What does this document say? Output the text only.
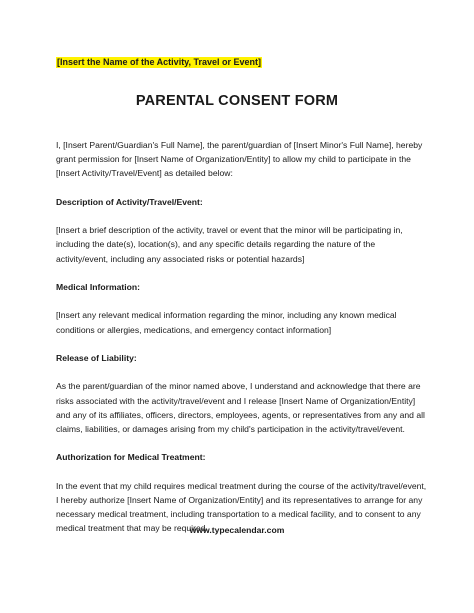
[Insert the Name of the Activity, Travel or Event]
PARENTAL CONSENT FORM

I, [Insert Parent/Guardian's Full Name], the parent/guardian of [Insert Minor's Full Name], hereby grant permission for [Insert Name of Organization/Entity] to allow my child to participate in the [Insert Activity/Travel/Event] as detailed below:

Description of Activity/Travel/Event:

[Insert a brief description of the activity, travel or event that the minor will be participating in, including the date(s), location(s), and any specific details regarding the nature of the activity/event, including any associated risks or potential hazards]

Medical Information:

[Insert any relevant medical information regarding the minor, including any known medical conditions or allergies, medications, and emergency contact information]

Release of Liability:

As the parent/guardian of the minor named above, I understand and acknowledge that there are risks associated with the activity/travel/event and I release [Insert Name of Organization/Entity] and any of its affiliates, officers, directors, employees, agents, or representatives from any and all claims, liabilities, or damages arising from my child's participation in the activity/travel/event.

Authorization for Medical Treatment:

In the event that my child requires medical treatment during the course of the activity/travel/event, I hereby authorize [Insert Name of Organization/Entity] and its representatives to arrange for any necessary medical treatment, including transportation to a medical facility, and to consent to any medical treatment that may be required.

www.typecalendar.com
